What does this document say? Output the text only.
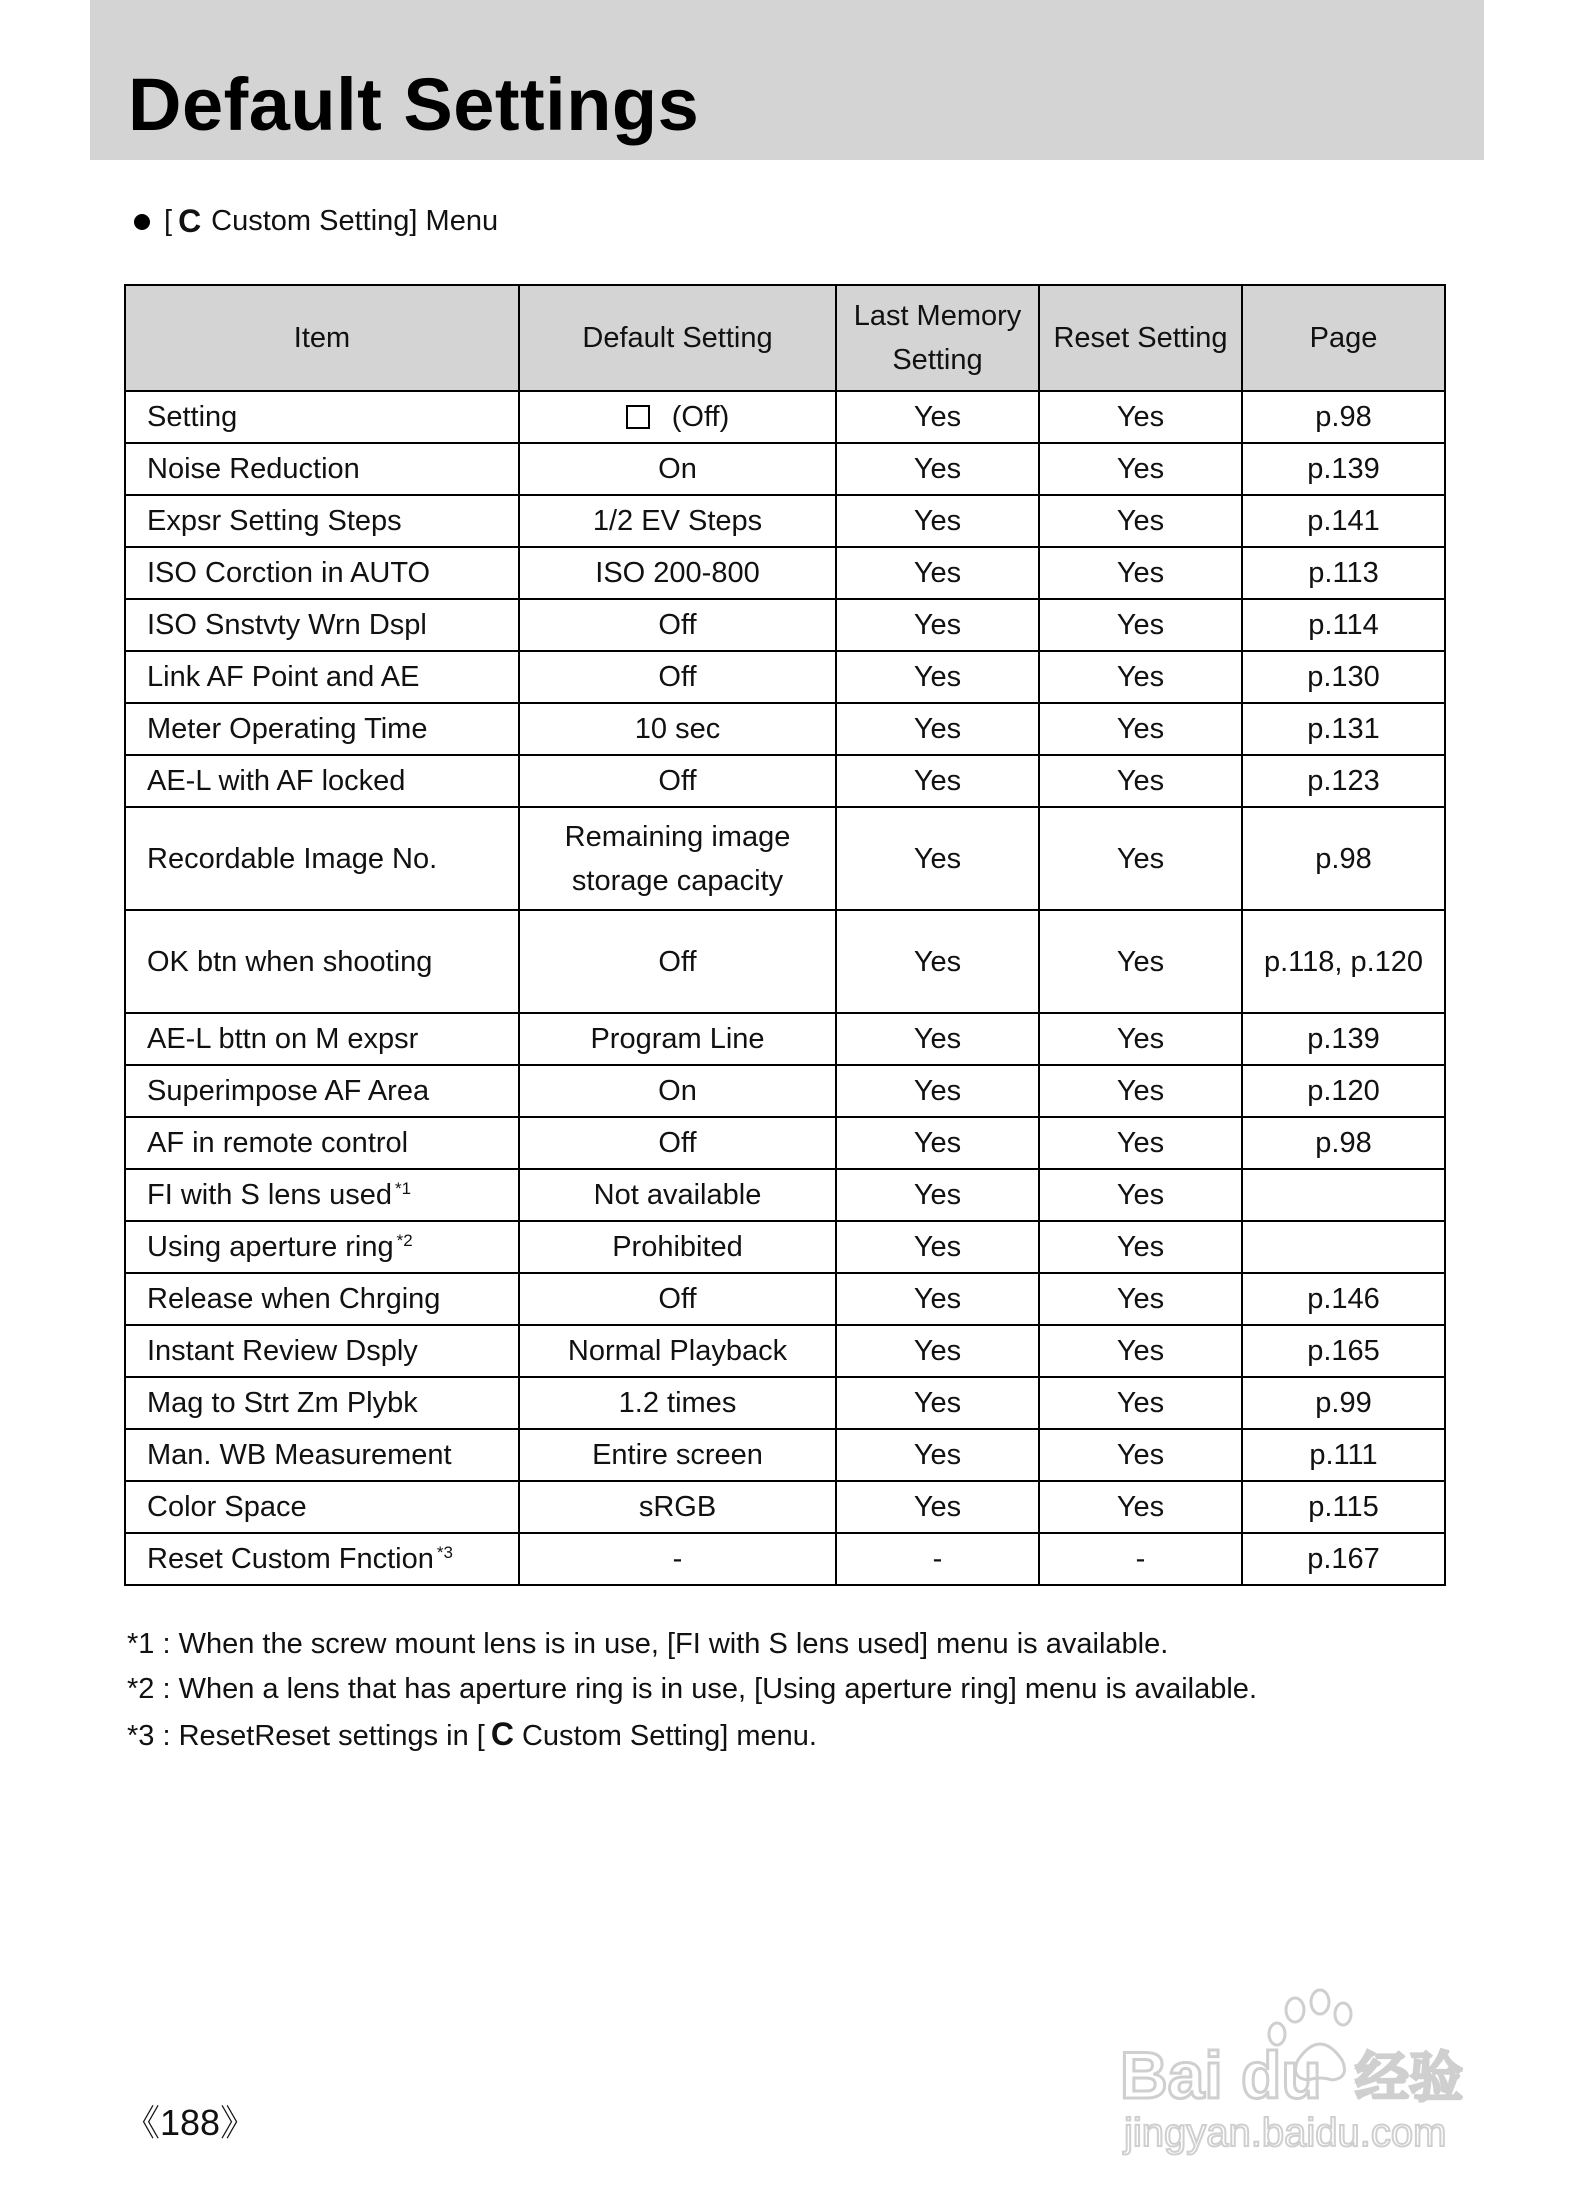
Default Settings
[ C Custom Setting] Menu
Item	Default Setting	Last Memory Setting	Reset Setting	Page
Setting	(Off)	Yes	Yes	p.98
Noise Reduction	On	Yes	Yes	p.139
Expsr Setting Steps	1/2 EV Steps	Yes	Yes	p.141
ISO Corction in AUTO	ISO 200-800	Yes	Yes	p.113
ISO Snstvty Wrn Dspl	Off	Yes	Yes	p.114
Link AF Point and AE	Off	Yes	Yes	p.130
Meter Operating Time	10 sec	Yes	Yes	p.131
AE-L with AF locked	Off	Yes	Yes	p.123
Recordable Image No.	Remaining image storage capacity	Yes	Yes	p.98
OK btn when shooting	Off	Yes	Yes	p.118, p.120
AE-L bttn on M expsr	Program Line	Yes	Yes	p.139
Superimpose AF Area	On	Yes	Yes	p.120
AF in remote control	Off	Yes	Yes	p.98
FI with S lens used $^{*1}$	Not available	Yes	Yes	
Using aperture ring $^{*2}$	Prohibited	Yes	Yes	
Release when Chrging	Off	Yes	Yes	p.146
Instant Review Dsply	Normal Playback	Yes	Yes	p.165
Mag to Strt Zm Plybk	1.2 times	Yes	Yes	p.99
Man. WB Measurement	Entire screen	Yes	Yes	p.111
Color Space	sRGB	Yes	Yes	p.115
Reset Custom Fnction $^{*3}$	-	-	-	p.167
*1 : When the screw mount lens is in use, [FI with S lens used] menu is available.
*2 : When a lens that has aperture ring is in use, [Using aperture ring] menu is available.
*3 : ResetReset settings in [ C Custom Setting] menu.
《188》
Bai du 经验
jingyan.baidu.com
